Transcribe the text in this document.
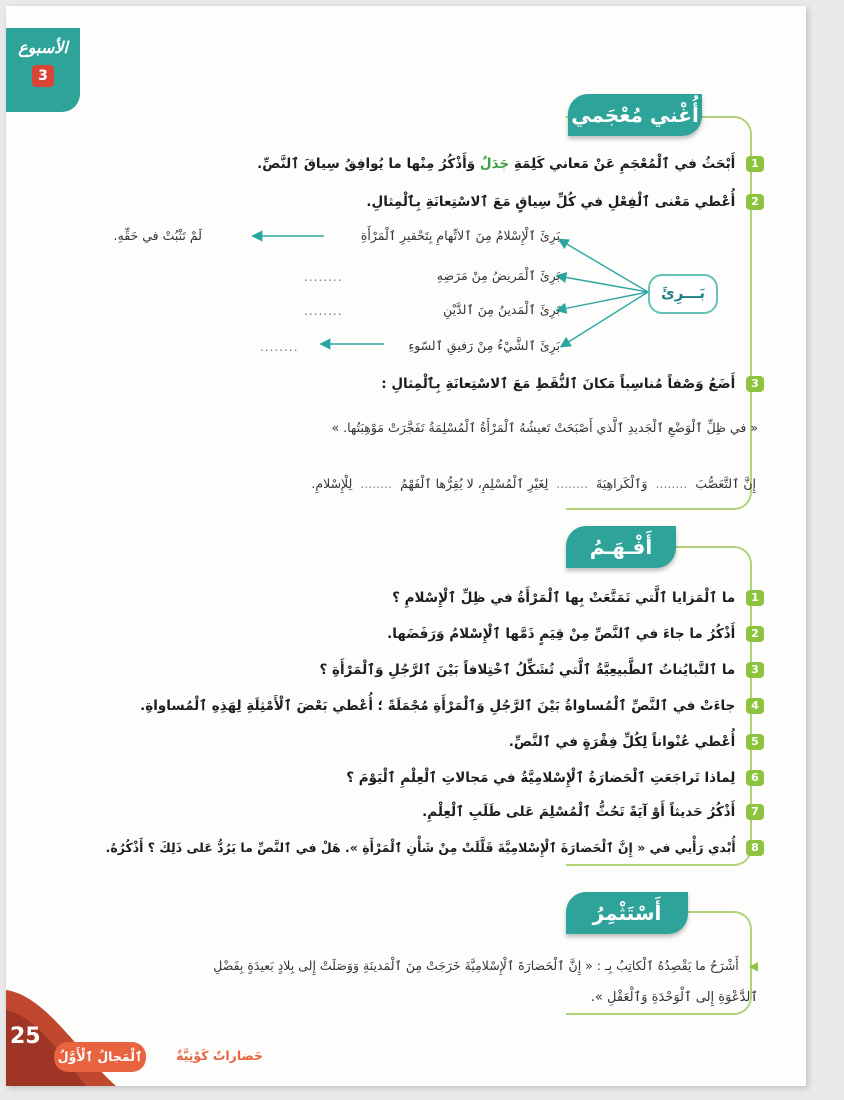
الأسبوع
3
أُغْني مُعْجَمي
1 أَبْحَثُ في ٱلْمُعْجَمِ عَنْ مَعاني كَلِمَةِ جَدَلٌ وَأَذْكُرُ مِنْها ما يُوافِقُ سِياقَ ٱلنَّصِّ.
2 أُعْطي مَعْنى ٱلْفِعْلِ في كُلِّ سِياقٍ مَعَ ٱلاسْتِعانَةِ بِٱلْمِثالِ.
بَـــرِئَ
بَرِئَ ٱلْإِسْلامُ مِنَ ٱلاتِّهامِ بِتَحْقيرِ ٱلْمَرْأَةِ
لَمْ تَثْبُتْ في حَقِّهِ.
بَرِئَ ٱلْمَريضُ مِنْ مَرَضِهِ
........
بَرِئَ ٱلْمَدينُ مِنَ ٱلدَّيْنِ
........
بَرِئَ ٱلشَّيْءُ مِنْ رَفيقِ ٱلسّوءِ
........
3 أَضَعُ وَصْفاً مُناسِباً مَكانَ ٱلنُّقَطِ مَعَ ٱلاسْتِعانَةِ بِٱلْمِثالِ :
« في ظِلِّ ٱلْوَضْعِ ٱلْجَديدِ ٱلَّذي أَصْبَحَتْ تَعيشُهُ ٱلْمَرْأَةُ ٱلْمُسْلِمَةُ تَفَجَّرَتْ مَوْهِبَتُها. »
إِنَّ ٱلتَّعَصُّبَ ........ وَٱلْكَراهِيَةَ ........ لِغَيْرِ ٱلْمُسْلِمِ، لا يُقِرُّها ٱلْفَهْمُ ........ لِلْإِسْلامِ.
أَفْـهَـمُ
1 ما ٱلْمَزايا ٱلَّتي تَمَتَّعَتْ بِها ٱلْمَرْأَةُ في ظِلِّ ٱلْإِسْلامِ ؟
2 أَذْكُرُ ما جاءَ في ٱلنَّصِّ مِنْ قِيَمٍ ذَمَّها ٱلْإِسْلامُ وَرَفَضَها.
3 ما ٱلتَّبايُناتُ ٱلطَّبيعِيَّةُ ٱلَّتي تُشَكِّلُ ٱخْتِلافاً بَيْنَ ٱلرَّجُلِ وَٱلْمَرْأَةِ ؟
4 جاءَتْ في ٱلنَّصِّ ٱلْمُساواةُ بَيْنَ ٱلرَّجُلِ وَٱلْمَرْأَةِ مُجْمَلَةً ؛ أُعْطي بَعْضَ ٱلْأَمْثِلَةِ لِهَذِهِ ٱلْمُساواةِ.
5 أُعْطي عُنْواناً لِكُلِّ فِقْرَةٍ في ٱلنَّصِّ.
6 لِماذا تَراجَعَتِ ٱلْحَضارَةُ ٱلْإِسْلامِيَّةُ في مَجالاتِ ٱلْعِلْمِ ٱلْيَوْمَ ؟
7 أَذْكُرُ حَديثاً أَوْ آيَةً تَحُثُّ ٱلْمُسْلِمَ عَلى طَلَبِ ٱلْعِلْمِ.
8 أُبْدي رَأْيي في « إِنَّ ٱلْحَضارَةَ ٱلْإِسْلامِيَّةَ قَلَّلَتْ مِنْ شَأْنِ ٱلْمَرْأَةِ ». هَلْ في ٱلنَّصِّ ما يَرُدُّ عَلى ذَلِكَ ؟ أَذْكُرُهُ.
أَسْتَثْمِرُ
◀ أَشْرَحُ ما يَقْصِدُهُ ٱلْكاتِبُ بِـ : « إِنَّ ٱلْحَضارَةَ ٱلْإِسْلامِيَّةَ خَرَجَتْ مِنَ ٱلْمَدينَةِ وَوَصَلَتْ إِلى بِلادٍ بَعيدَةٍ بِفَضْلِ
ٱلدَّعْوَةِ إِلى ٱلْوَحْدَةِ وَٱلْعَقْلِ ».
25
ٱلْمَجالُ ٱلْأَوَّلُ	حَضاراتٌ كَوْنِيَّةٌ
